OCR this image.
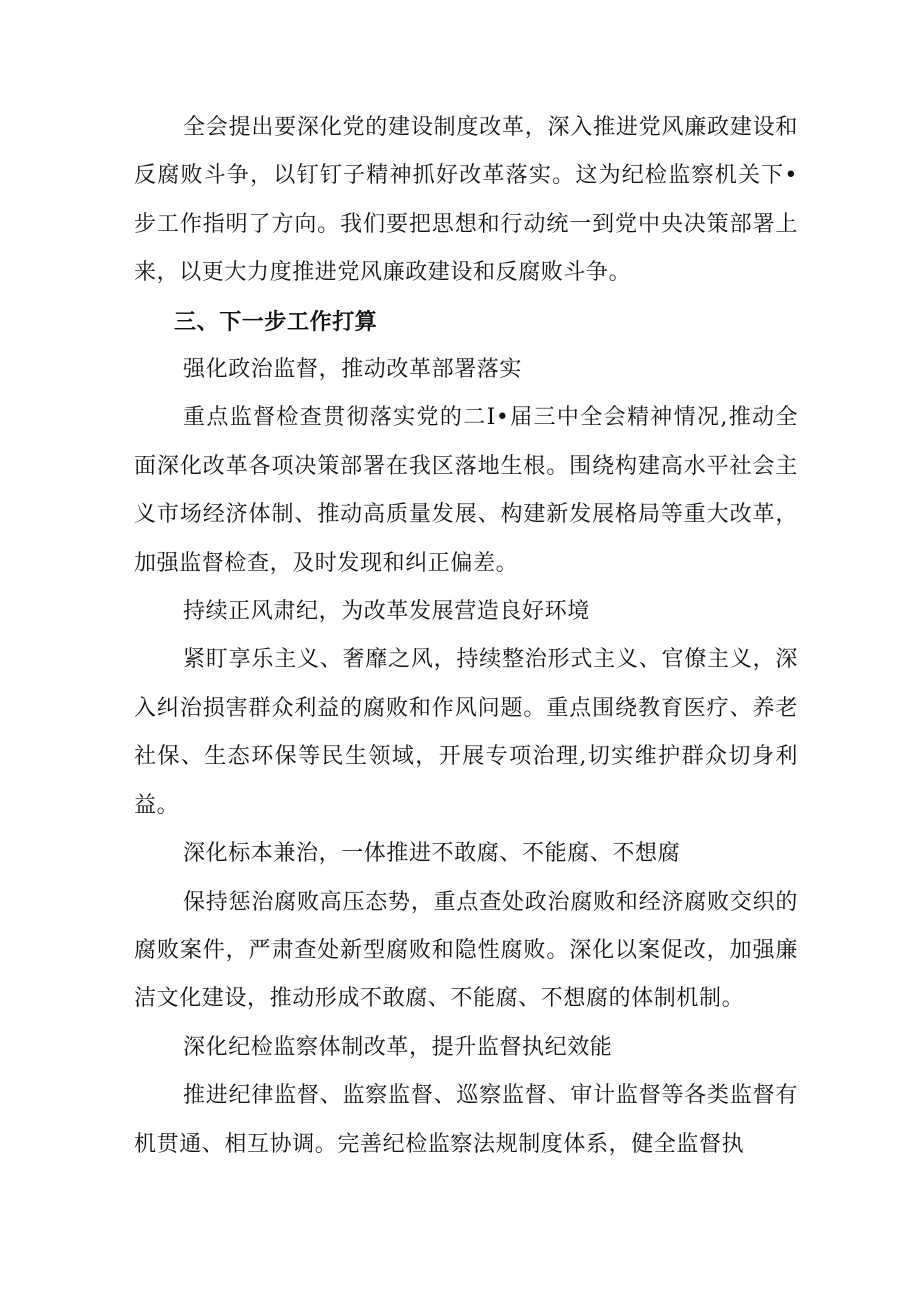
全会提出要深化党的建设制度改革，深入推进党风廉政建设和反腐败斗争，以钉钉子精神抓好改革落实。这为纪检监察机关下•步工作指明了方向。我们要把思想和行动统一到党中央决策部署上来，以更大力度推进党风廉政建设和反腐败斗争。

三、下一步工作打算

强化政治监督，推动改革部署落实

重点监督检查贯彻落实党的二I•届三中全会精神情况,推动全面深化改革各项决策部署在我区落地生根。围绕构建高水平社会主义市场经济体制、推动高质量发展、构建新发展格局等重大改革，加强监督检查，及时发现和纠正偏差。

持续正风肃纪，为改革发展营造良好环境

紧盯享乐主义、奢靡之风，持续整治形式主义、官僚主义，深入纠治损害群众利益的腐败和作风问题。重点围绕教育医疗、养老社保、生态环保等民生领域，开展专项治理,切实维护群众切身利益。

深化标本兼治，一体推进不敢腐、不能腐、不想腐

保持惩治腐败高压态势，重点查处政治腐败和经济腐败交织的腐败案件，严肃查处新型腐败和隐性腐败。深化以案促改，加强廉洁文化建设，推动形成不敢腐、不能腐、不想腐的体制机制。

深化纪检监察体制改革，提升监督执纪效能

推进纪律监督、监察监督、巡察监督、审计监督等各类监督有机贯通、相互协调。完善纪检监察法规制度体系，健全监督执
